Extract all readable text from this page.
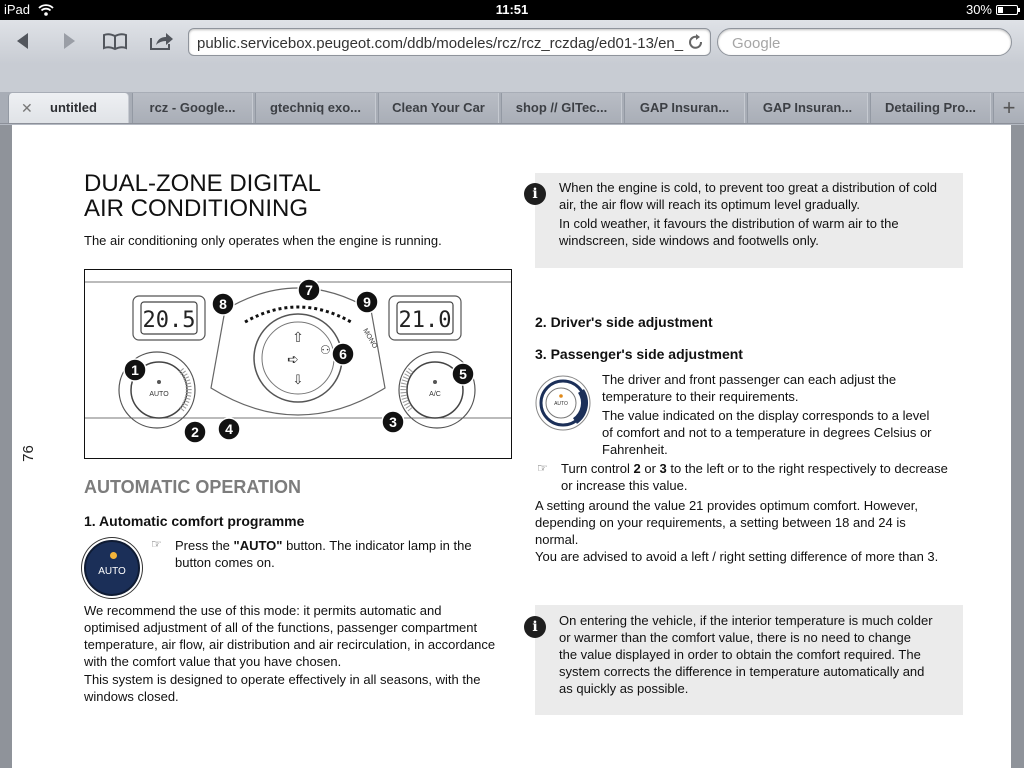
iPad	11:51	30%
public.servicebox.peugeot.com/ddb/modeles/rcz/rcz_rczdag/ed01-13/en_	Google
✕ untitled	rcz - Google...	gtechniq exo...	Clean Your Car	shop // GlTec...	GAP Insuran...	GAP Insuran...	Detailing Pro...	+
76
DUAL-ZONE DIGITAL
AIR CONDITIONING
The air conditioning only operates when the engine is running.
20.5	21.0
⇧
➪
⇩
⚇
MONO
AUTO	A/C
1
2
3
4
5
6
7
8	9
AUTOMATIC OPERATION
1. Automatic comfort programme
AUTO
☞ Press the "AUTO" button. The indicator lamp in the
button comes on.
We recommend the use of this mode: it permits automatic and
optimised adjustment of all of the functions, passenger compartment
temperature, air flow, air distribution and air recirculation, in accordance
with the comfort value that you have chosen.
This system is designed to operate effectively in all seasons, with the
windows closed.
i	When the engine is cold, to prevent too great a distribution of cold
air, the air flow will reach its optimum level gradually.
In cold weather, it favours the distribution of warm air to the
windscreen, side windows and footwells only.
2. Driver's side adjustment
3. Passenger's side adjustment
AUTO
The driver and front passenger can each adjust the
temperature to their requirements.
The value indicated on the display corresponds to a level
of comfort and not to a temperature in degrees Celsius or
Fahrenheit.
☞ Turn control 2 or 3 to the left or to the right respectively to decrease
or increase this value.
A setting around the value 21 provides optimum comfort. However,
depending on your requirements, a setting between 18 and 24 is
normal.
You are advised to avoid a left / right setting difference of more than 3.
i	On entering the vehicle, if the interior temperature is much colder
or warmer than the comfort value, there is no need to change
the value displayed in order to obtain the comfort required. The
system corrects the difference in temperature automatically and
as quickly as possible.
